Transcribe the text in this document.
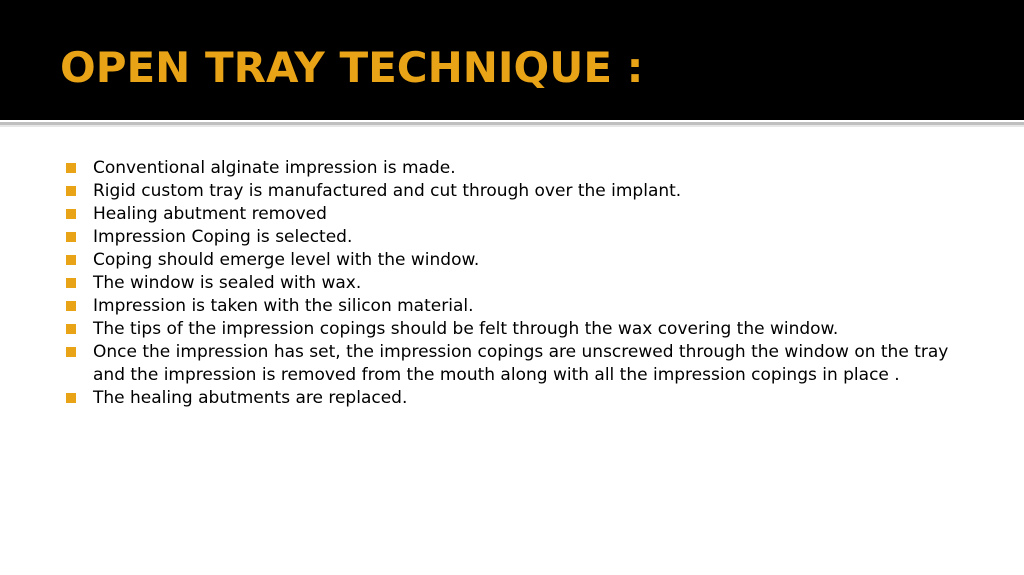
OPEN TRAY TECHNIQUE :
Conventional alginate impression is made.
Rigid custom tray is manufactured and cut through over the implant.
Healing abutment removed
Impression Coping is selected.
Coping should emerge level with the window.
The window is sealed with wax.
Impression is taken with the silicon material.
The tips of the impression copings should be felt through the wax covering the window.
Once the impression has set, the impression copings are unscrewed through the window on the tray and the impression is removed from the mouth along with all the impression copings in place .
The healing abutments are replaced.
